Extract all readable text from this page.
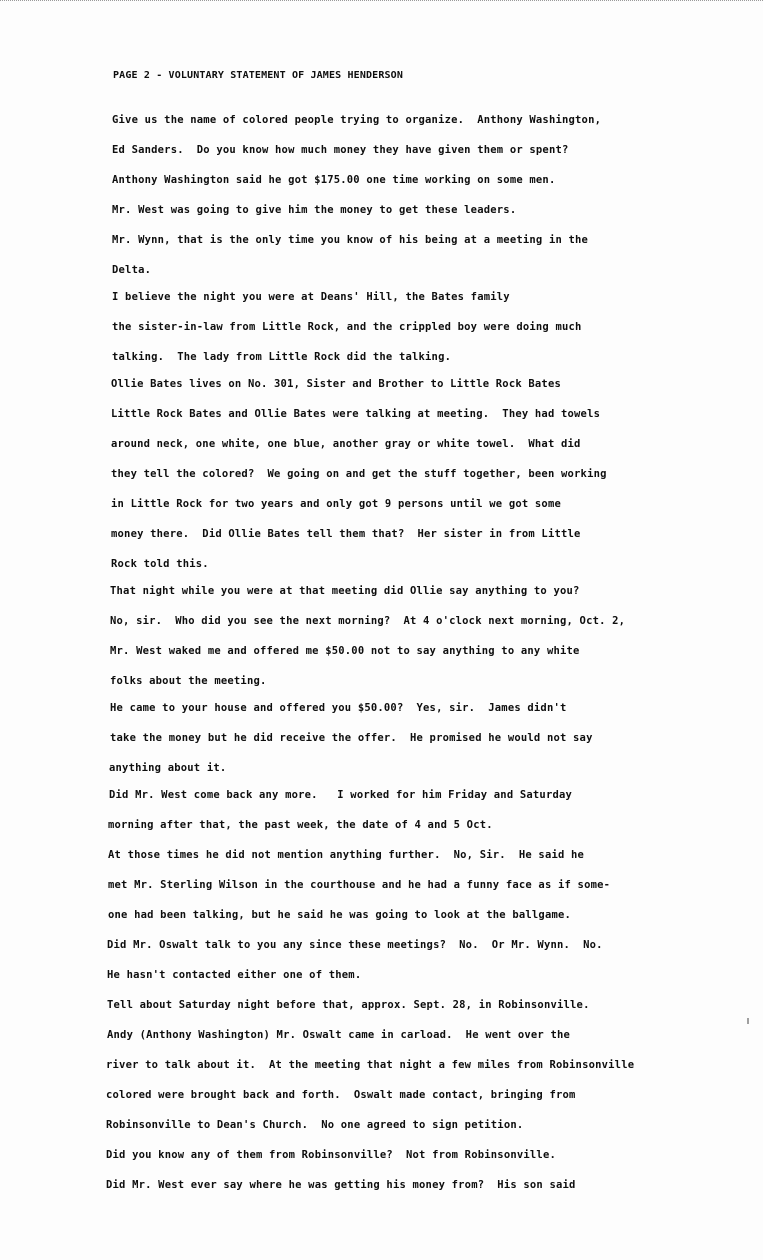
PAGE 2 - VOLUNTARY STATEMENT OF JAMES HENDERSON
Give us the name of colored people trying to organize.  Anthony Washington,
Ed Sanders.  Do you know how much money they have given them or spent?
Anthony Washington said he got $175.00 one time working on some men.
Mr. West was going to give him the money to get these leaders.
Mr. Wynn, that is the only time you know of his being at a meeting in the
Delta.
I believe the night you were at Deans' Hill, the Bates family
the sister-in-law from Little Rock, and the crippled boy were doing much
talking.  The lady from Little Rock did the talking.
Ollie Bates lives on No. 301, Sister and Brother to Little Rock Bates
Little Rock Bates and Ollie Bates were talking at meeting.  They had towels
around neck, one white, one blue, another gray or white towel.  What did
they tell the colored?  We going on and get the stuff together, been working
in Little Rock for two years and only got 9 persons until we got some
money there.  Did Ollie Bates tell them that?  Her sister in from Little
Rock told this.
That night while you were at that meeting did Ollie say anything to you?
No, sir.  Who did you see the next morning?  At 4 o'clock next morning, Oct. 2,
Mr. West waked me and offered me $50.00 not to say anything to any white
folks about the meeting.
He came to your house and offered you $50.00?  Yes, sir.  James didn't
take the money but he did receive the offer.  He promised he would not say
anything about it.
Did Mr. West come back any more.   I worked for him Friday and Saturday
morning after that, the past week, the date of 4 and 5 Oct.
At those times he did not mention anything further.  No, Sir.  He said he
met Mr. Sterling Wilson in the courthouse and he had a funny face as if some-
one had been talking, but he said he was going to look at the ballgame.
Did Mr. Oswalt talk to you any since these meetings?  No.  Or Mr. Wynn.  No.
He hasn't contacted either one of them.
Tell about Saturday night before that, approx. Sept. 28, in Robinsonville.
Andy (Anthony Washington) Mr. Oswalt came in carload.  He went over the
river to talk about it.  At the meeting that night a few miles from Robinsonville
colored were brought back and forth.  Oswalt made contact, bringing from
Robinsonville to Dean's Church.  No one agreed to sign petition.
Did you know any of them from Robinsonville?  Not from Robinsonville.
Did Mr. West ever say where he was getting his money from?  His son said
